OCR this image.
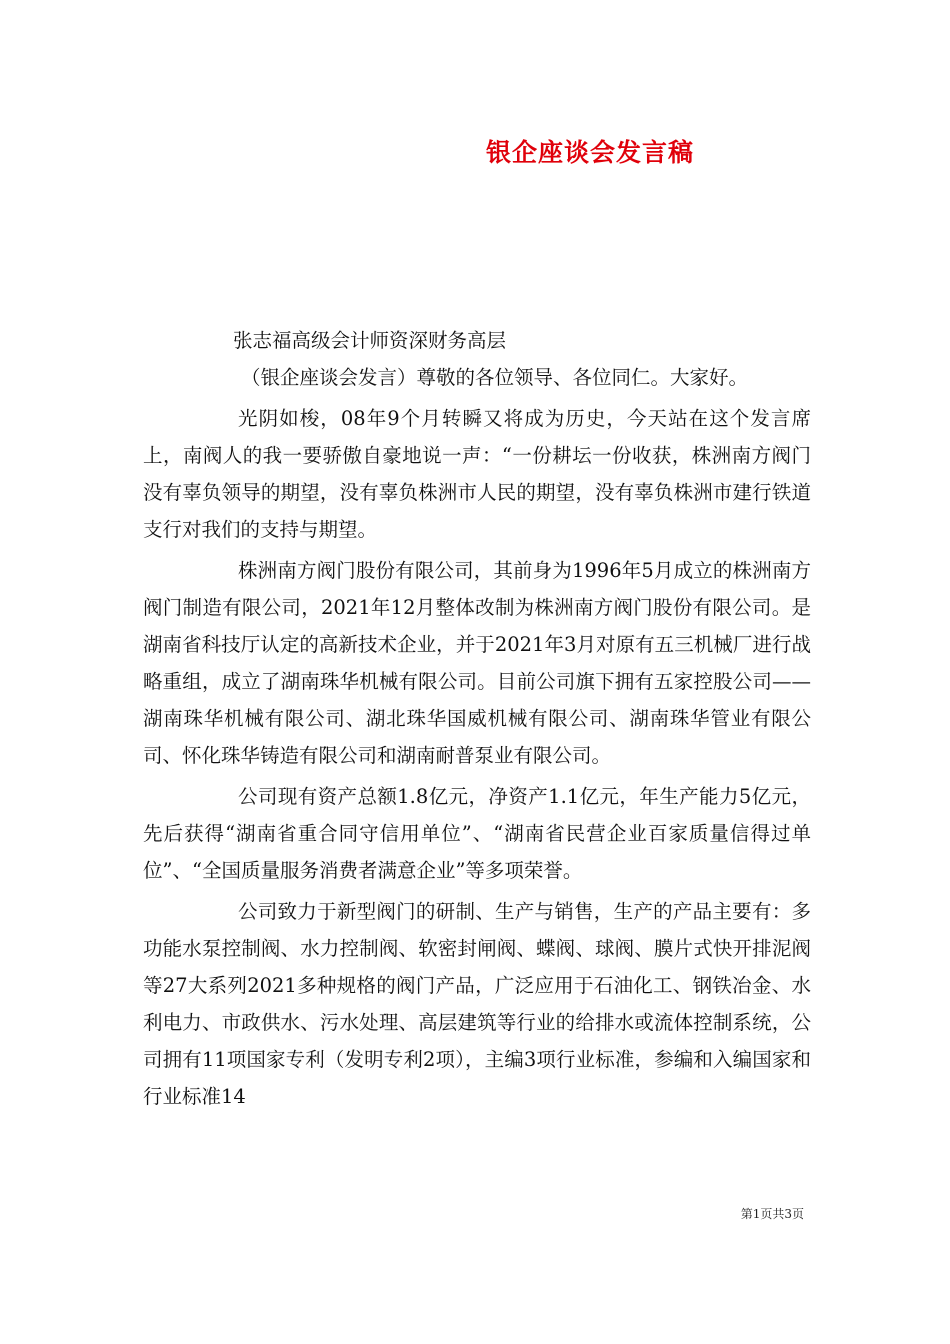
银企座谈会发言稿

张志福高级会计师资深财务高层

（银企座谈会发言）尊敬的各位领导、各位同仁。大家好。

光阴如梭，08年9个月转瞬又将成为历史，今天站在这个发言席上，南阀人的我一要骄傲自豪地说一声：“一份耕坛一份收获，株洲南方阀门没有辜负领导的期望，没有辜负株洲市人民的期望，没有辜负株洲市建行铁道支行对我们的支持与期望。

株洲南方阀门股份有限公司，其前身为1996年5月成立的株洲南方阀门制造有限公司，2021年12月整体改制为株洲南方阀门股份有限公司。是湖南省科技厅认定的高新技术企业，并于2021年3月对原有五三机械厂进行战略重组，成立了湖南珠华机械有限公司。目前公司旗下拥有五家控股公司——湖南珠华机械有限公司、湖北珠华国威机械有限公司、湖南珠华管业有限公司、怀化珠华铸造有限公司和湖南耐普泵业有限公司。

公司现有资产总额1.8亿元，净资产1.1亿元，年生产能力5亿元，先后获得“湖南省重合同守信用单位”、“湖南省民营企业百家质量信得过单位”、“全国质量服务消费者满意企业”等多项荣誉。

公司致力于新型阀门的研制、生产与销售，生产的产品主要有：多功能水泵控制阀、水力控制阀、软密封闸阀、蝶阀、球阀、膜片式快开排泥阀等27大系列2021多种规格的阀门产品，广泛应用于石油化工、钢铁冶金、水利电力、市政供水、污水处理、高层建筑等行业的给排水或流体控制系统，公司拥有11项国家专利（发明专利2项），主编3项行业标准，参编和入编国家和行业标准14

第1页共3页
